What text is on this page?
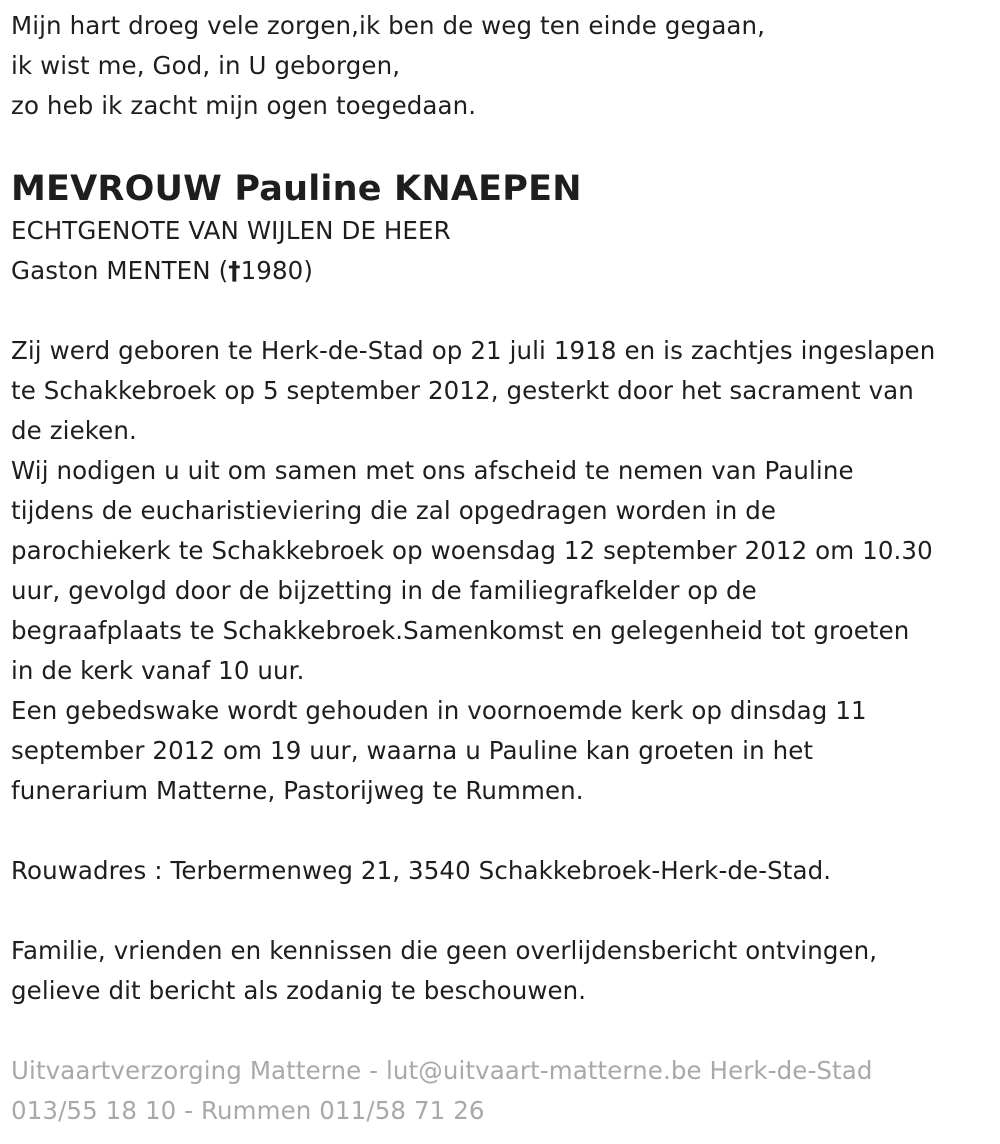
Mijn hart droeg vele zorgen,ik ben de weg ten einde gegaan,
ik wist me, God, in U geborgen,
zo heb ik zacht mijn ogen toegedaan.
MEVROUW Pauline KNAEPEN
ECHTGENOTE VAN WIJLEN DE HEER
Gaston MENTEN (†1980)
Zij werd geboren te Herk-de-Stad op 21 juli 1918 en is zachtjes ingeslapen
te Schakkebroek op 5 september 2012, gesterkt door het sacrament van
de zieken.
Wij nodigen u uit om samen met ons afscheid te nemen van Pauline
tijdens de eucharistieviering die zal opgedragen worden in de
parochiekerk te Schakkebroek op woensdag 12 september 2012 om 10.30
uur, gevolgd door de bijzetting in de familiegrafkelder op de
begraafplaats te Schakkebroek.Samenkomst en gelegenheid tot groeten
in de kerk vanaf 10 uur.
Een gebedswake wordt gehouden in voornoemde kerk op dinsdag 11
september 2012 om 19 uur, waarna u Pauline kan groeten in het
funerarium Matterne, Pastorijweg te Rummen.
Rouwadres : Terbermenweg 21, 3540 Schakkebroek-Herk-de-Stad.
Familie, vrienden en kennissen die geen overlijdensbericht ontvingen,
gelieve dit bericht als zodanig te beschouwen.
Uitvaartverzorging Matterne - lut@uitvaart-matterne.be Herk-de-Stad
013/55 18 10 - Rummen 011/58 71 26
